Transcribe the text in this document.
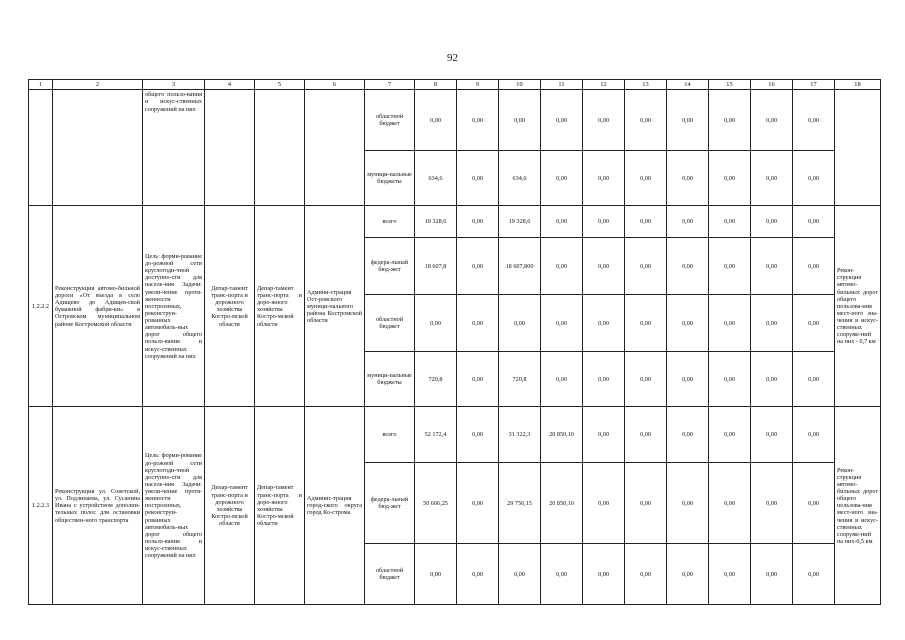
92
1	2	3	4	5	6	7	8	9	10	11	12	13	14	15	16	17	18
		общего пользо-вания и искус-ственных сооружений на них				областной бюджет	0,00	0,00	0,00	0,00	0,00	0,00	0,00	0,00	0,00	0,00	
						муници-пальные бюджеты	634,6	0,00	634,6	0,00	0,00	0,00	0,00	0,00	0,00	0,00	
1.2.2.2	Реконструкция автомо-бильной дороги «От въезда в село Адищево до Адищев-ской бумажной фабри-ки» в Островском муниципальном районе Костромской области	Цель: форми-рование до-рожной сети круглогоди-чной доступно-сти для населе-ния Задачи: увели-чение протя-женности построенных, реконструи-рованных автомобиль-ных дорог общего пользо-вания и искус-ственных сооружений на них	Депар-тамент транс-порта и дорожного хозяйства Костро-мской области	Депар-тамент транс-порта и доро-жного хозяйства Костро-мской области	Админи-страция Ост-ровского муници-пального района Костромской области	всего	19 328,6	0,00	19 328,6	0,00	0,00	0,00	0,00	0,00	0,00	0,00	Рекон-струкция автомо-бильных дорог общего пользова-ния мест-ного зна-чения и искус-ственных сооруже-ний на них - 0,7 км
						федера-льный бюд-жет	18 607,8	0,00	18 607,800	0,00	0,00	0,00	0,00	0,00	0,00	0,00	
						областной бюджет	0,00	0,00	0,00	0,00	0,00	0,00	0,00	0,00	0,00	0,00	
						муници-пальные бюджеты	720,8	0,00	720,8	0,00	0,00	0,00	0,00	0,00	0,00	0,00	
1.2.2.3	Реконструкция ул. Советской, ул. Подлипаева, ул. Сусанина Ивана с устройством дополни-тельных полос для остановки обществен-ного транспорта	Цель: форми-рование до-рожной сети круглогоди-чной доступно-сти для населе-ния Задачи: увели-чение протя-женности построенных, реконструи-рованных автомобиль-ных дорог общего пользо-вания и искус-ственных сооружений на них	Депар-тамент транс-порта и дорожного хозяйства Костро-мской области	Депар-тамент транс-порта и доро-жного хозяйства Костро-мской области	Админис-трация город-ского округа город Ко-строма	всего	52 172,4	0,00	31 322,3	20 850,10	0,00	0,00	0,00	0,00	0,00	0,00	Рекон-струкция автомо-бильных дорог общего пользова-ния мест-ного зна-чения и искус-ственных сооруже-ний на них-0,5 км
						федера-льный бюд-жет	50 606,25	0,00	29 756,15	20 850,10	0,00	0,00	0,00	0,00	0,00	0,00	
						областной бюджет	0,00	0,00	0,00	0,00	0,00	0,00	0,00	0,00	0,00	0,00	
